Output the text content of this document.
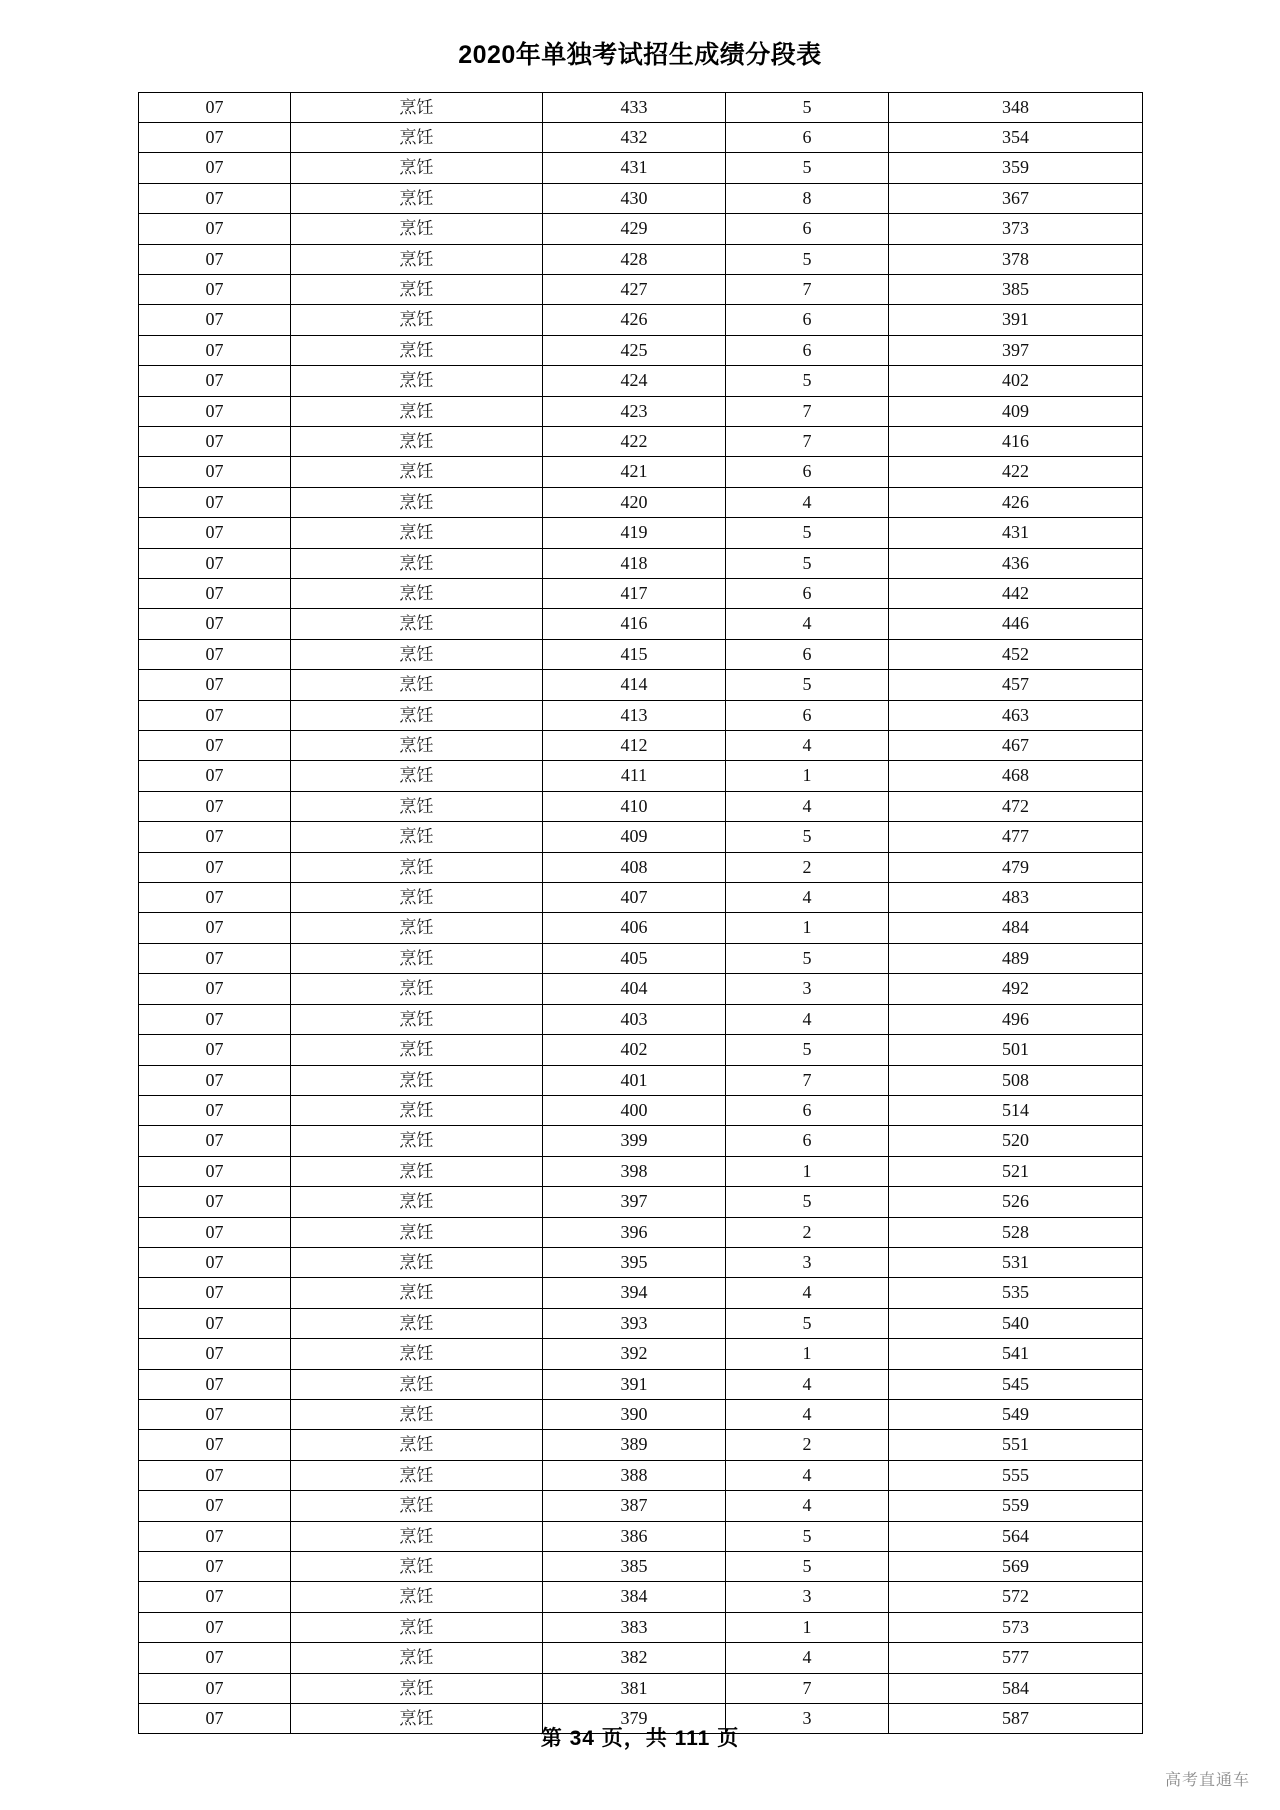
2020年单独考试招生成绩分段表
07	烹饪	433	5	348
07	烹饪	432	6	354
07	烹饪	431	5	359
07	烹饪	430	8	367
07	烹饪	429	6	373
07	烹饪	428	5	378
07	烹饪	427	7	385
07	烹饪	426	6	391
07	烹饪	425	6	397
07	烹饪	424	5	402
07	烹饪	423	7	409
07	烹饪	422	7	416
07	烹饪	421	6	422
07	烹饪	420	4	426
07	烹饪	419	5	431
07	烹饪	418	5	436
07	烹饪	417	6	442
07	烹饪	416	4	446
07	烹饪	415	6	452
07	烹饪	414	5	457
07	烹饪	413	6	463
07	烹饪	412	4	467
07	烹饪	411	1	468
07	烹饪	410	4	472
07	烹饪	409	5	477
07	烹饪	408	2	479
07	烹饪	407	4	483
07	烹饪	406	1	484
07	烹饪	405	5	489
07	烹饪	404	3	492
07	烹饪	403	4	496
07	烹饪	402	5	501
07	烹饪	401	7	508
07	烹饪	400	6	514
07	烹饪	399	6	520
07	烹饪	398	1	521
07	烹饪	397	5	526
07	烹饪	396	2	528
07	烹饪	395	3	531
07	烹饪	394	4	535
07	烹饪	393	5	540
07	烹饪	392	1	541
07	烹饪	391	4	545
07	烹饪	390	4	549
07	烹饪	389	2	551
07	烹饪	388	4	555
07	烹饪	387	4	559
07	烹饪	386	5	564
07	烹饪	385	5	569
07	烹饪	384	3	572
07	烹饪	383	1	573
07	烹饪	382	4	577
07	烹饪	381	7	584
07	烹饪	379	3	587
第 34 页，共 111 页
高考直通车
